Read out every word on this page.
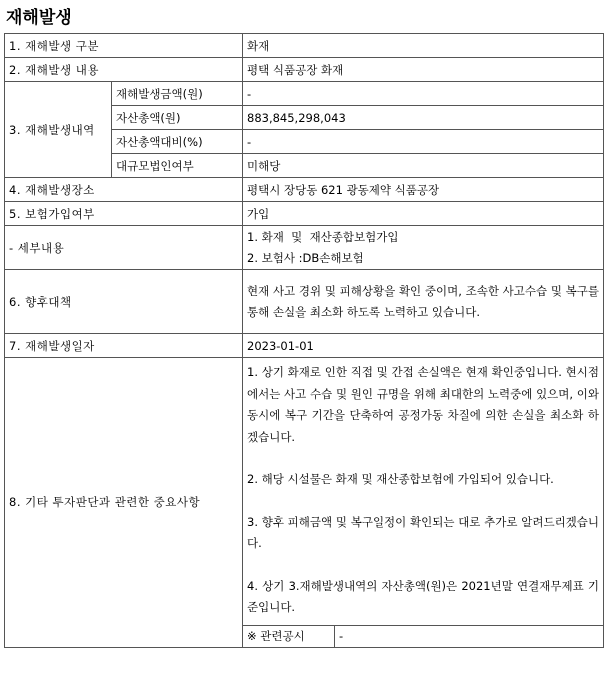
재해발생
1. 재해발생 구분		화재	
2. 재해발생 내용		평택 식품공장 화재	
3. 재해발생내역	재해발생금액(원)	-	
	자산총액(원)	883,845,298,043	
	자산총액대비(%)	-	
	대규모법인여부	미해당	
4. 재해발생장소		평택시 장당동 621 광동제약 식품공장	
5. 보험가입여부		가입	
- 세부내용		1. 화재  및  재산종합보험가입
2. 보험사 :DB손해보험	
6. 향후대책		현재 사고 경위 및 피해상황을 확인 중이며, 조속한 사고수습 및 복구를 통해 손실을 최소화 하도록 노력하고 있습니다.	
7. 재해발생일자		2023-01-01	
8. 기타 투자판단과 관련한 중요사항		1. 상기 화재로 인한 직접 및 간접 손실액은 현재 확인중입니다. 현시점에서는 사고 수습 및 원인 규명을 위해 최대한의 노력중에 있으며, 이와 동시에 복구 기간을 단축하여 공정가동 차질에 의한 손실을 최소화 하겠습니다.
2. 해당 시설물은 화재 및 재산종합보험에 가입되어 있습니다.
3. 향후 피해금액 및 복구일정이 확인되는 대로 추가로 알려드리겠습니다.
4. 상기 3.재해발생내역의 자산총액(원)은 2021년말 연결재무제표 기준입니다.	

		※ 관련공시	-
